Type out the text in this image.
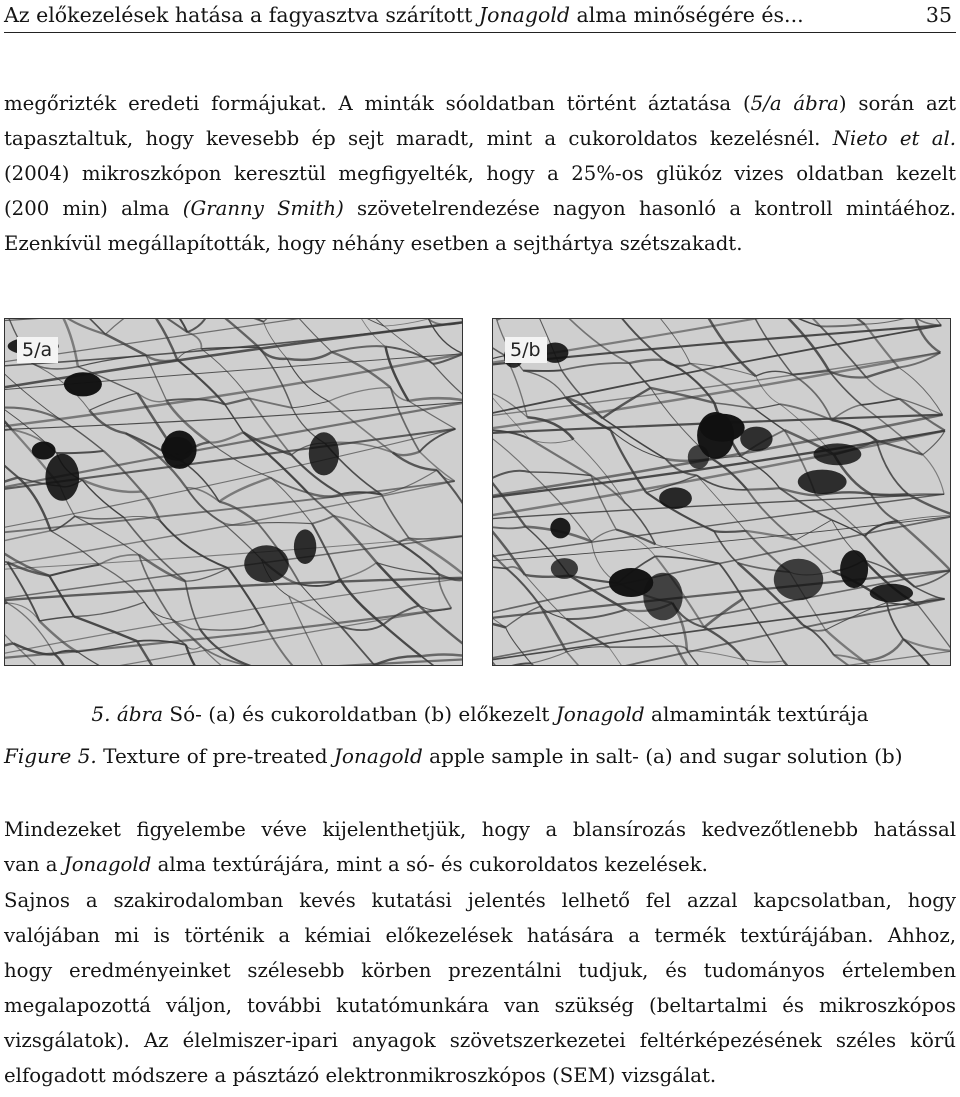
Az előkezelések hatása a fagyasztva szárított Jonagold alma minőségére és...	35

megőrizték eredeti formájukat. A minták sóoldatban történt áztatása (5/a ábra) során azt
tapasztaltuk, hogy kevesebb ép sejt maradt, mint a cukoroldatos kezelésnél. Nieto et al.
(2004) mikroszkópon keresztül megfigyelték, hogy a 25%-os glükóz vizes oldatban kezelt
(200 min) alma (Granny Smith) szövetelrendezése nagyon hasonló a kontroll mintáéhoz.
Ezenkívül megállapították, hogy néhány esetben a sejthártya szétszakadt.

5/a	5/b

5. ábra Só- (a) és cukoroldatban (b) előkezelt Jonagold almaminták textúrája

Figure 5. Texture of pre-treated Jonagold apple sample in salt- (a) and sugar solution (b)

Mindezeket figyelembe véve kijelenthetjük, hogy a blansírozás kedvezőtlenebb hatással
van a Jonagold alma textúrájára, mint a só- és cukoroldatos kezelések.

Sajnos a szakirodalomban kevés kutatási jelentés lelhető fel azzal kapcsolatban, hogy
valójában mi is történik a kémiai előkezelések hatására a termék textúrájában. Ahhoz,
hogy eredményeinket szélesebb körben prezentálni tudjuk, és tudományos értelemben
megalapozottá váljon, további kutatómunkára van szükség (beltartalmi és mikroszkópos
vizsgálatok). Az élelmiszer-ipari anyagok szövetszerkezetei feltérképezésének széles körű
elfogadott módszere a pásztázó elektronmikroszkópos (SEM) vizsgálat.
